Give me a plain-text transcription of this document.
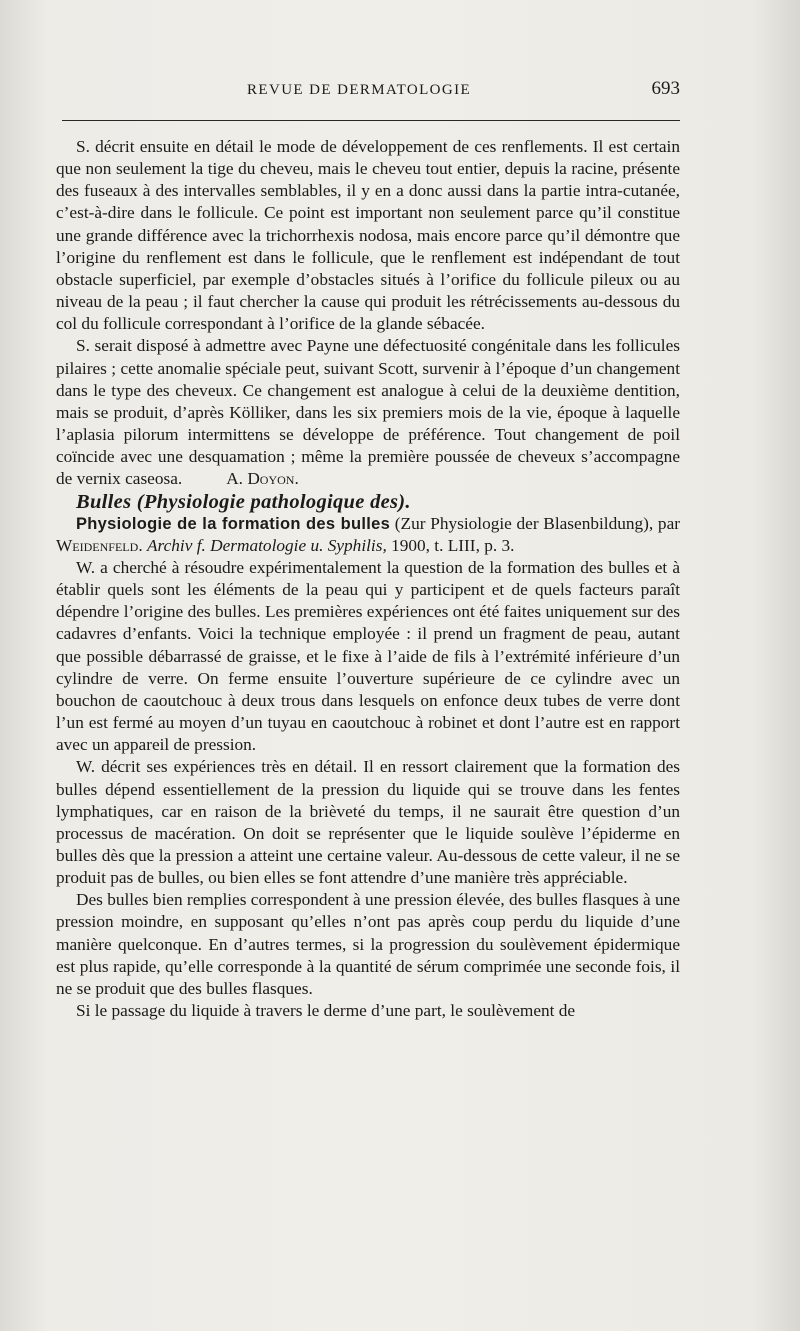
REVUE DE DERMATOLOGIE	693

S. décrit ensuite en détail le mode de développement de ces renflements. Il est certain que non seulement la tige du cheveu, mais le cheveu tout entier, depuis la racine, présente des fuseaux à des intervalles semblables, il y en a donc aussi dans la partie intra-cutanée, c’est-à-dire dans le follicule. Ce point est important non seulement parce qu’il constitue une grande différence avec la trichorrhexis nodosa, mais encore parce qu’il démontre que l’origine du renflement est dans le follicule, que le renflement est indépendant de tout obstacle superficiel, par exemple d’obstacles situés à l’orifice du follicule pileux ou au niveau de la peau ; il faut chercher la cause qui produit les rétrécissements au-dessous du col du follicule correspondant à l’orifice de la glande sébacée.

S. serait disposé à admettre avec Payne une défectuosité congénitale dans les follicules pilaires ; cette anomalie spéciale peut, suivant Scott, survenir à l’époque d’un changement dans le type des cheveux. Ce changement est analogue à celui de la deuxième dentition, mais se produit, d’après Kölliker, dans les six premiers mois de la vie, époque à laquelle l’aplasia pilorum intermittens se développe de préférence. Tout changement de poil coïncide avec une desquamation ; même la première poussée de cheveux s’accompagne de vernix caseosa.	A. Doyon.

Bulles (Physiologie pathologique des).

Physiologie de la formation des bulles (Zur Physiologie der Blasenbildung), par Weidenfeld. Archiv f. Dermatologie u. Syphilis, 1900, t. LIII, p. 3.

W. a cherché à résoudre expérimentalement la question de la formation des bulles et à établir quels sont les éléments de la peau qui y participent et de quels facteurs paraît dépendre l’origine des bulles. Les premières expériences ont été faites uniquement sur des cadavres d’enfants. Voici la technique employée : il prend un fragment de peau, autant que possible débarrassé de graisse, et le fixe à l’aide de fils à l’extrémité inférieure d’un cylindre de verre. On ferme ensuite l’ouverture supérieure de ce cylindre avec un bouchon de caoutchouc à deux trous dans lesquels on enfonce deux tubes de verre dont l’un est fermé au moyen d’un tuyau en caoutchouc à robinet et dont l’autre est en rapport avec un appareil de pression.

W. décrit ses expériences très en détail. Il en ressort clairement que la formation des bulles dépend essentiellement de la pression du liquide qui se trouve dans les fentes lymphatiques, car en raison de la brièveté du temps, il ne saurait être question d’un processus de macération. On doit se représenter que le liquide soulève l’épiderme en bulles dès que la pression a atteint une certaine valeur. Au-dessous de cette valeur, il ne se produit pas de bulles, ou bien elles se font attendre d’une manière très appréciable.

Des bulles bien remplies correspondent à une pression élevée, des bulles flasques à une pression moindre, en supposant qu’elles n’ont pas après coup perdu du liquide d’une manière quelconque. En d’autres termes, si la progression du soulèvement épidermique est plus rapide, qu’elle corresponde à la quantité de sérum comprimée une seconde fois, il ne se produit que des bulles flasques.

Si le passage du liquide à travers le derme d’une part, le soulèvement de
